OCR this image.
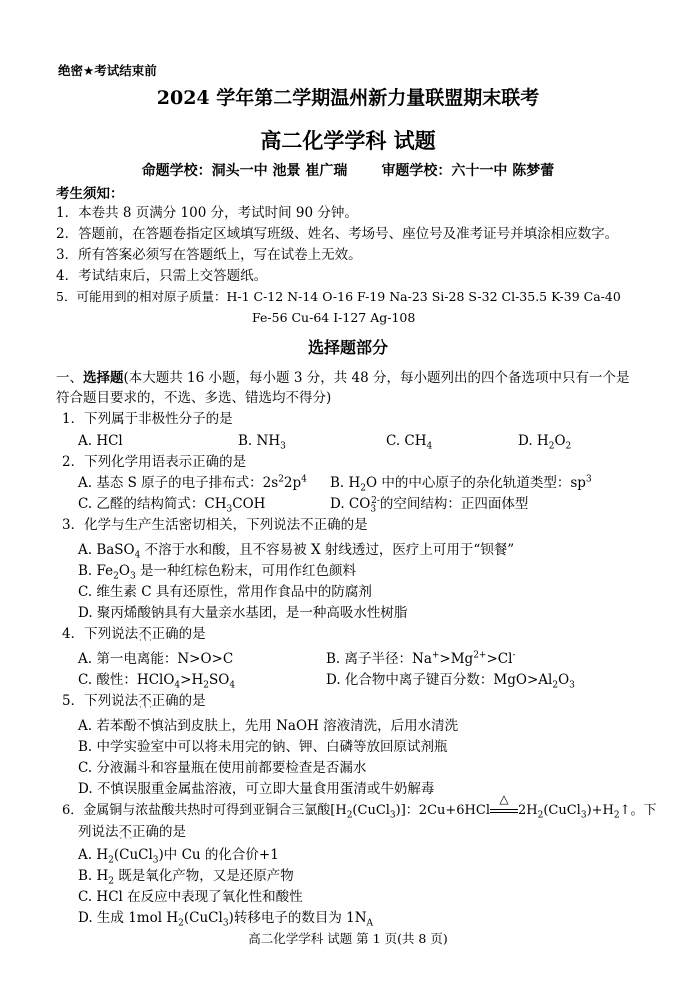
绝密★考试结束前
2024 学年第二学期温州新力量联盟期末联考
高二化学学科 试题
命题学校：洞头一中 池景 崔广瑞 审题学校：六十一中 陈梦蕾
考生须知：
1．本卷共 8 页满分 100 分，考试时间 90 分钟。
2．答题前，在答题卷指定区域填写班级、姓名、考场号、座位号及准考证号并填涂相应数字。
3．所有答案必须写在答题纸上，写在试卷上无效。
4．考试结束后，只需上交答题纸。
5．可能用到的相对原子质量：H-1 C-12 N-14 O-16 F-19 Na-23 Si-28 S-32 Cl-35.5 K-39 Ca-40
Fe-56 Cu-64 I-127 Ag-108
选择题部分
一、选择题(本大题共 16 小题，每小题 3 分，共 48 分，每小题列出的四个备选项中只有一个是
符合题目要求的，不选、多选、错选均不得分)
1．下列属于非极性分子的是
A. HCl	B. $NH_3$	C. $CH_4$	D. $H_2O_2$
2．下列化学用语表示正确的是
A. 基态 S 原子的电子排布式：$2s^22p^4$ B. $H_2O$ 中的中心原子的杂化轨道类型：$sp^3$
C. 乙醛的结构简式：$CH_3COH$	D. $CO_3^{2-}$的空间结构：正四面体型
3．化学与生产生活密切相关，下列说法不正确的是
A. BaSO$_4$ 不溶于水和酸，且不容易被 X 射线透过，医疗上可用于“钡餐”
B. $Fe_2O_3$ 是一种红棕色粉末，可用作红色颜料
C. 维生素 C 具有还原性，常用作食品中的防腐剂
D. 聚丙烯酸钠具有大量亲水基团，是一种高吸水性树脂
4．下列说法不正确 · · ·的是
A. 第一电离能：N>O>C	B. 离子半径：$Na^+>Mg^{2+}>Cl^-$
C. 酸性：$HClO_4>H_2SO_4$	D. 化合物中离子键百分数：$MgO>Al_2O_3$
5．下列说法不正确 · · ·的是
A. 若苯酚不慎沾到皮肤上，先用 NaOH 溶液清洗，后用水清洗
B. 中学实验室中可以将未用完的钠、钾、白磷等放回原试剂瓶
C. 分液漏斗和容量瓶在使用前都要检查是否漏水
D. 不慎误服重金属盐溶液，可立即大量食用蛋清或牛奶解毒
6．金属铜与浓盐酸共热时可得到亚铜合三氯酸$[H_2(CuCl_3)]$：2Cu+6HCl
△
$2H_2(CuCl_3)+H_2↑$。下
列说法不正确 · · ·的是
A. $H_2(CuCl_3)$中 Cu 的化合价+1
B. $H_2$ 既是氧化产物，又是还原产物
C. HCl 在反应中表现了氧化性和酸性
D. 生成 1mol $H_2(CuCl_3)$转移电子的数目为 $1N_A$
高二化学学科 试题 第 1 页(共 8 页)
